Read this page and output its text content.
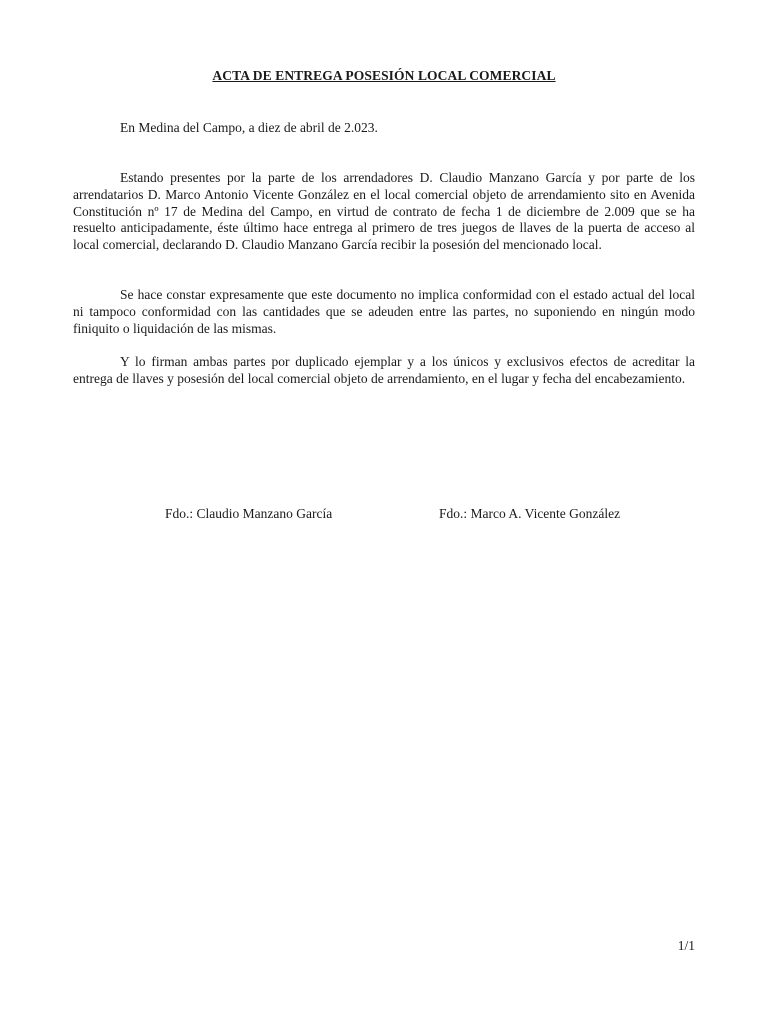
ACTA DE ENTREGA POSESIÓN LOCAL COMERCIAL
En Medina del Campo, a diez de abril de 2.023.
Estando presentes por la parte de los arrendadores D. Claudio Manzano García y por parte de los arrendatarios D. Marco Antonio Vicente González en el local comercial objeto de arrendamiento sito en Avenida Constitución nº 17 de Medina del Campo, en virtud de contrato de fecha 1 de diciembre de 2.009 que se ha resuelto anticipadamente, éste último hace entrega al primero de tres juegos de llaves de la puerta de acceso al local comercial, declarando D. Claudio Manzano García recibir la posesión del mencionado local.
Se hace constar expresamente que este documento no implica conformidad con el estado actual del local ni tampoco conformidad con las cantidades que se adeuden entre las partes, no suponiendo en ningún modo finiquito o liquidación de las mismas.
Y lo firman ambas partes por duplicado ejemplar y a los únicos y exclusivos efectos de acreditar la entrega de llaves y posesión del local comercial objeto de arrendamiento, en el lugar y fecha del encabezamiento.
Fdo.: Claudio Manzano García	Fdo.: Marco A. Vicente González
1/1
